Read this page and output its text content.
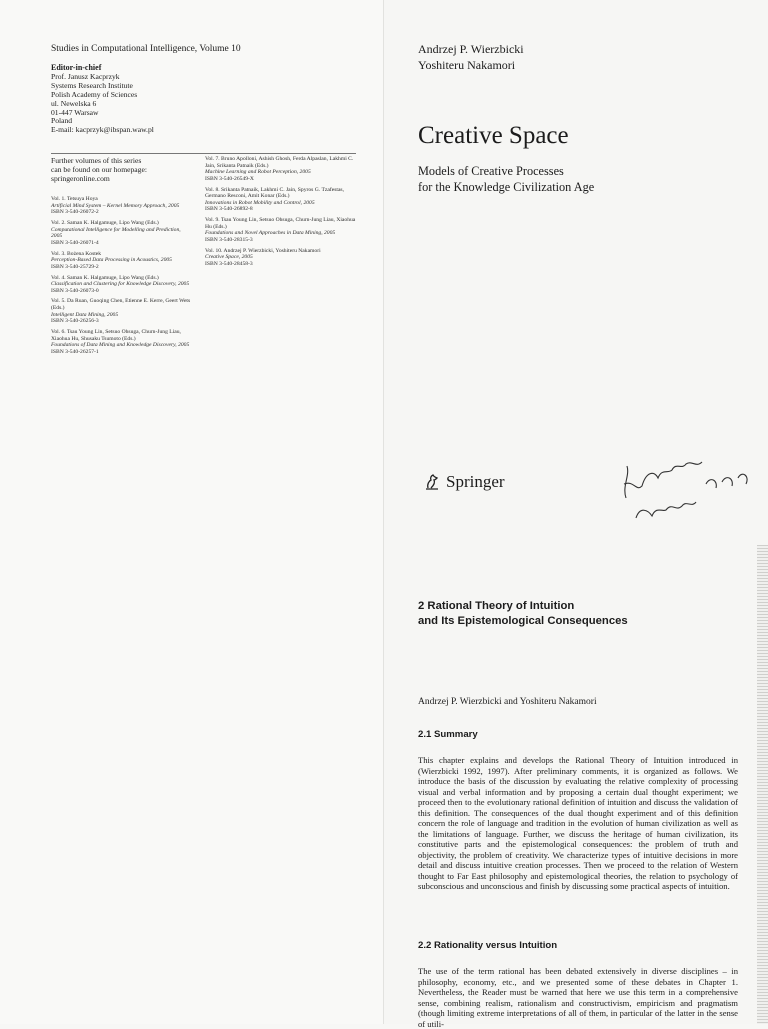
Studies in Computational Intelligence, Volume 10
Editor-in-chief
Prof. Janusz Kacprzyk
Systems Research Institute
Polish Academy of Sciences
ul. Newelska 6
01-447 Warsaw
Poland
E-mail: kacprzyk@ibspan.waw.pl
Further volumes of this series
can be found on our homepage:
springeronline.com
Vol. 1. Tetsuya Hoya
Artificial Mind System – Kernel Memory Approach, 2005
ISBN 3-540-26072-2
Vol. 2. Saman K. Halgamuge, Lipo Wang (Eds.)
Computational Intelligence for Modelling and Prediction, 2005
ISBN 3-540-26071-4
Vol. 3. Bożena Kostek
Perception-Based Data Processing in Acoustics, 2005
ISBN 3-540-25729-2
Vol. 4. Saman K. Halgamuge, Lipo Wang (Eds.)
Classification and Clustering for Knowledge Discovery, 2005
ISBN 3-540-26073-0
Vol. 5. Da Ruan, Guoqing Chen, Etienne E. Kerre, Geert Wets (Eds.)
Intelligent Data Mining, 2005
ISBN 3-540-26256-3
Vol. 6. Tsau Young Lin, Setsuo Ohsuga, Churn-Jung Liau, Xiaohua Hu, Shusaku Tsumoto (Eds.)
Foundations of Data Mining and Knowledge Discovery, 2005
ISBN 3-540-26257-1
Vol. 7. Bruno Apolloni, Ashish Ghosh, Ferda Alpaslan, Lakhmi C. Jain, Srikanta Patnaik (Eds.)
Machine Learning and Robot Perception, 2005
ISBN 3-540-26549-X
Vol. 8. Srikanta Patnaik, Lakhmi C. Jain, Spyros G. Tzafestas, Germano Resconi, Amit Konar (Eds.)
Innovations in Robot Mobility and Control, 2005
ISBN 3-540-26892-8
Vol. 9. Tsau Young Lin, Setsuo Ohsuga, Churn-Jung Liau, Xiaohua Hu (Eds.)
Foundations and Novel Approaches in Data Mining, 2005
ISBN 3-540-28315-3
Vol. 10. Andrzej P. Wierzbicki, Yoshiteru Nakamori
Creative Space, 2005
ISBN 3-540-28458-3
Andrzej P. Wierzbicki
Yoshiteru Nakamori
Creative Space
Models of Creative Processes
for the Knowledge Civilization Age
Springer
2 Rational Theory of Intuition
and Its Epistemological Consequences
Andrzej P. Wierzbicki and Yoshiteru Nakamori
2.1 Summary
This chapter explains and develops the Rational Theory of Intuition introduced in (Wierzbicki 1992, 1997). After preliminary comments, it is organized as follows. We introduce the basis of the discussion by evaluating the relative complexity of processing visual and verbal information and by proposing a certain dual thought experiment; we proceed then to the evolutionary rational definition of intuition and discuss the validation of this definition. The consequences of the dual thought experiment and of this definition concern the role of language and tradition in the evolution of human civilization as well as the limitations of language. Further, we discuss the heritage of human civilization, its constitutive parts and the epistemological consequences: the problem of truth and objectivity, the problem of creativity. We characterize types of intuitive decisions in more detail and discuss intuitive creation processes. Then we proceed to the relation of Western thought to Far East philosophy and epistemological theories, the relation to psychology of subconscious and unconscious and finish by discussing some practical aspects of intuition.
2.2 Rationality versus Intuition
The use of the term rational has been debated extensively in diverse disciplines – in philosophy, economy, etc., and we presented some of these debates in Chapter 1. Nevertheless, the Reader must be warned that here we use this term in a comprehensive sense, combining realism, rationalism and constructivism, empiricism and pragmatism (though limiting extreme interpretations of all of them, in particular of the latter in the sense of utili-
